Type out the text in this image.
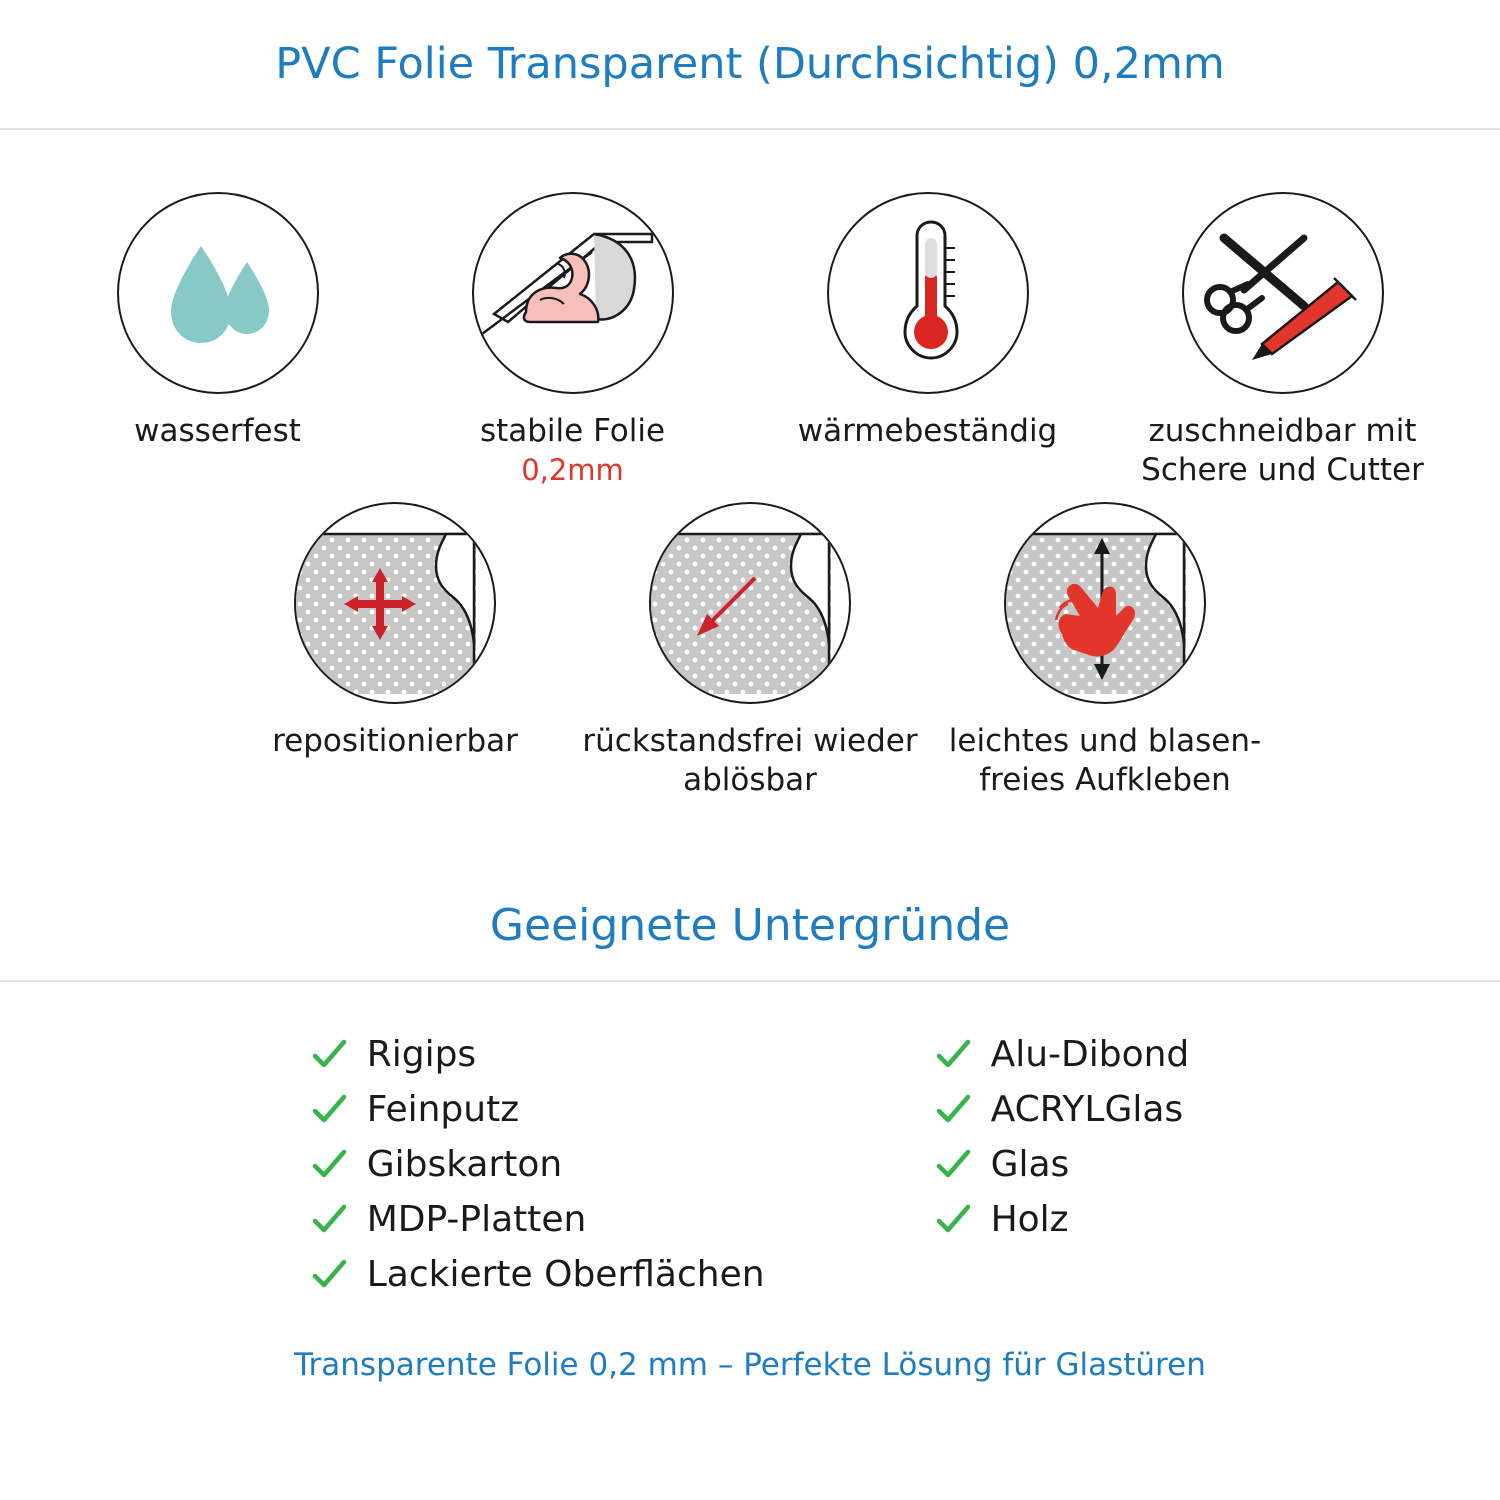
PVC Folie Transparent (Durchsichtig) 0,2mm
wasserfest	stabile Folie
0,2mm
wärmebeständig	zuschneidbar mit Schere und Cutter
repositionierbar rückstandsfrei wieder ablösbar
leichtes und blasen- freies Aufkleben
Geeignete Untergründe
Rigips
Feinputz
Gibskarton
MDP-Platten
Lackierte Oberflächen
Alu-Dibond
ACRYLGlas
Glas
Holz
Transparente Folie 0,2 mm – Perfekte Lösung für Glastüren
